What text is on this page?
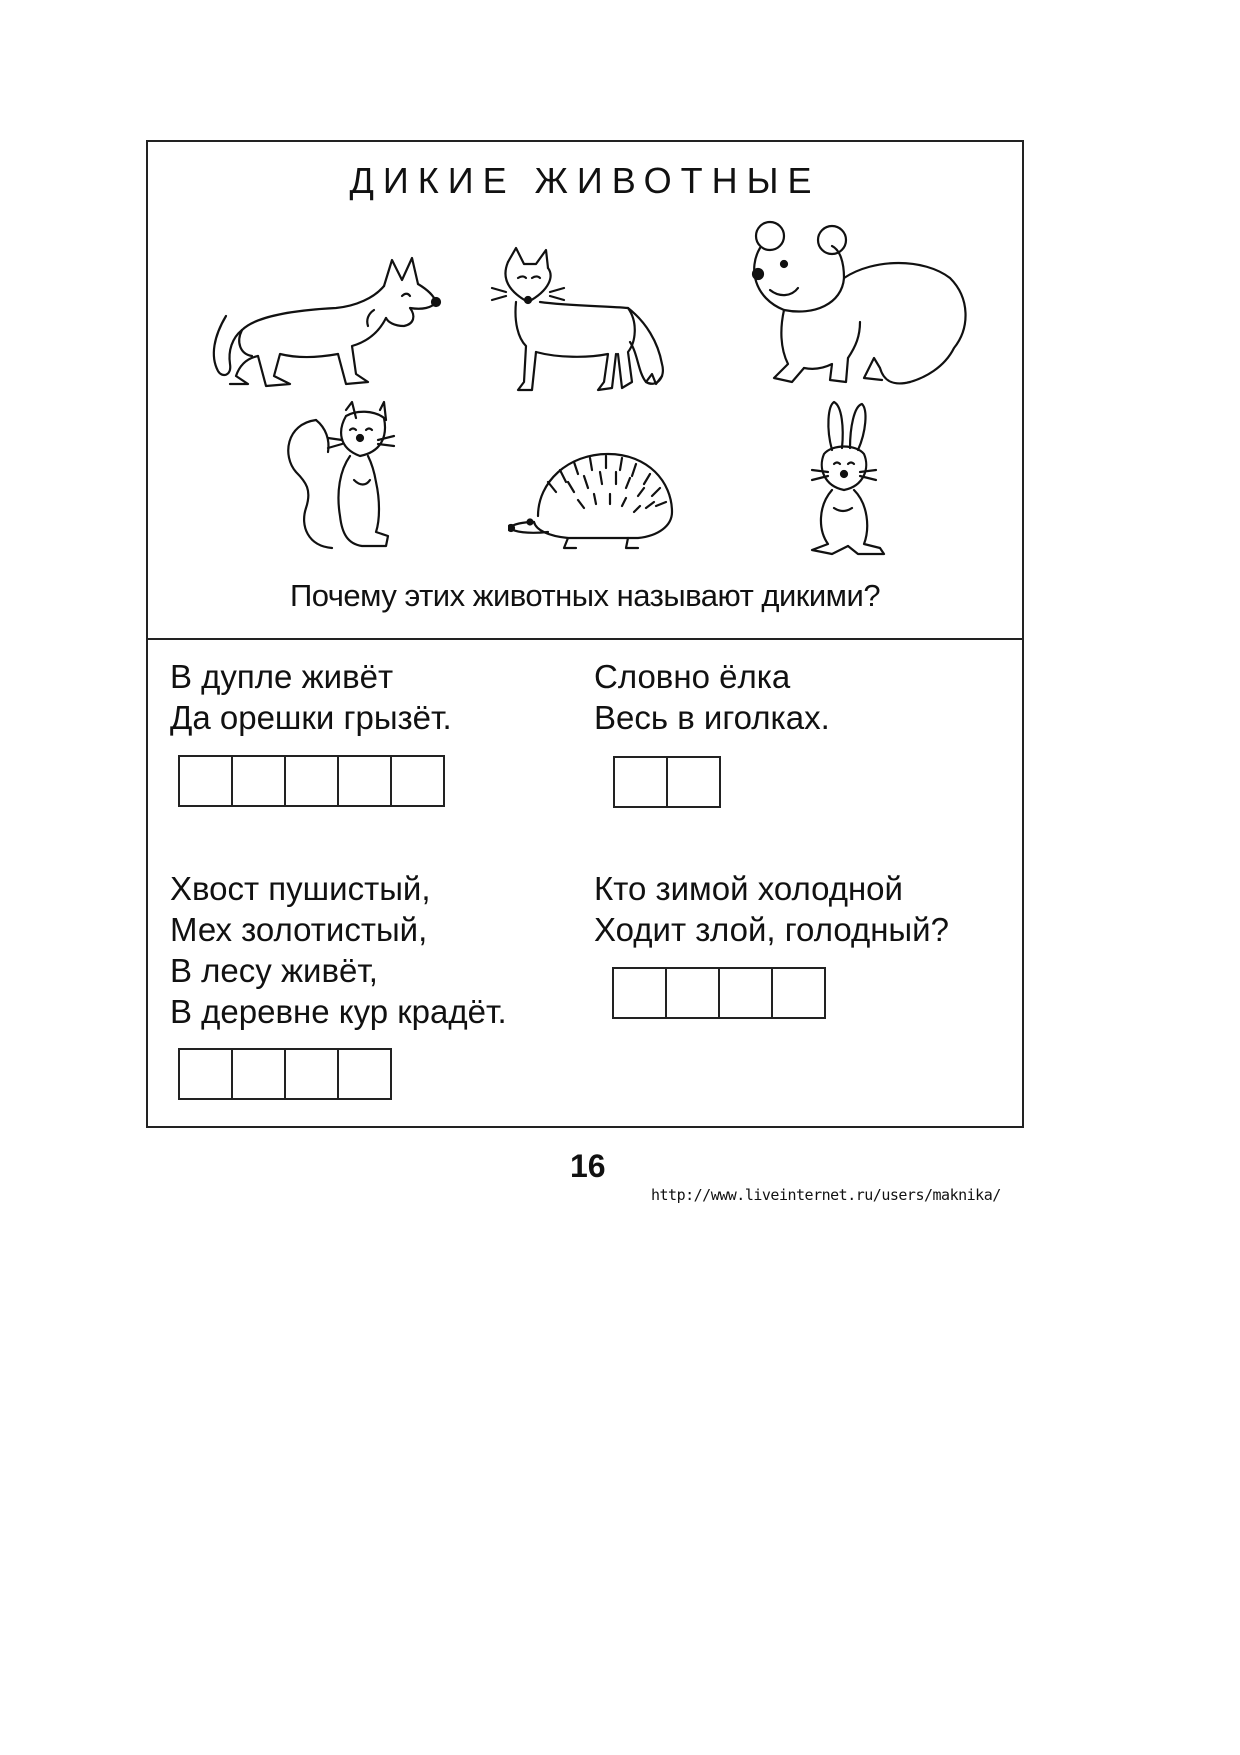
ДИКИЕ ЖИВОТНЫЕ
Почему этих животных называют дикими?
В дупле живёт
Да орешки грызёт.
Словно ёлка
Весь в иголках.
Хвост пушистый,
Мех золотистый,
В лесу живёт,
В деревне кур крадёт.
Кто зимой холодной
Ходит злой, голодный?
16
http://www.liveinternet.ru/users/maknika/
